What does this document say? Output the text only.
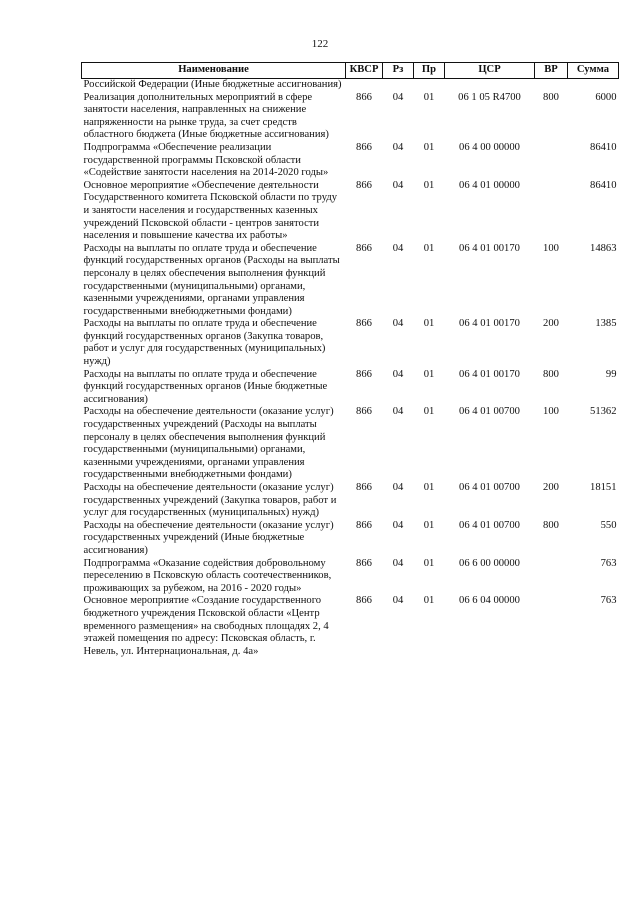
122
Наименование	КВСР	Рз	Пр	ЦСР	ВР	Сумма
Российской Федерации (Иные бюджетные ассигнования)						
Реализация дополнительных мероприятий в сфере занятости населения, направленных на снижение напряженности на рынке труда, за счет средств областного бюджета (Иные бюджетные ассигнования)	866	04	01	06 1 05 R4700	800	6000
Подпрограмма «Обеспечение реализации государственной программы Псковской области «Содействие занятости населения на 2014-2020 годы»	866	04	01	06 4 00 00000		86410
Основное мероприятие «Обеспечение деятельности Государственного комитета Псковской области по труду и занятости населения и государственных казенных учреждений Псковской области - центров занятости населения и повышение качества их работы»	866	04	01	06 4 01 00000		86410
Расходы на выплаты по оплате труда и обеспечение функций государственных органов (Расходы на выплаты персоналу в целях обеспечения выполнения функций государственными (муниципальными) органами, казенными учреждениями, органами управления государственными внебюджетными фондами)	866	04	01	06 4 01 00170	100	14863
Расходы на выплаты по оплате труда и обеспечение функций государственных органов (Закупка товаров, работ и услуг для государственных (муниципальных) нужд)	866	04	01	06 4 01 00170	200	1385
Расходы на выплаты по оплате труда и обеспечение функций государственных органов (Иные бюджетные ассигнования)	866	04	01	06 4 01 00170	800	99
Расходы на обеспечение деятельности (оказание услуг) государственных учреждений (Расходы на выплаты персоналу в целях обеспечения выполнения функций государственными (муниципальными) органами, казенными учреждениями, органами управления государственными внебюджетными фондами)	866	04	01	06 4 01 00700	100	51362
Расходы на обеспечение деятельности (оказание услуг) государственных учреждений (Закупка товаров, работ и услуг для государственных (муниципальных) нужд)	866	04	01	06 4 01 00700	200	18151
Расходы на обеспечение деятельности (оказание услуг) государственных учреждений (Иные бюджетные ассигнования)	866	04	01	06 4 01 00700	800	550
Подпрограмма «Оказание содействия добровольному переселению в Псковскую область соотечественников, проживающих за рубежом, на 2016 - 2020 годы»	866	04	01	06 6 00 00000		763
Основное мероприятие «Создание государственного бюджетного учреждения Псковской области «Центр временного размещения» на свободных площадях 2, 4 этажей помещения по адресу: Псковская область, г. Невель, ул. Интернациональная, д. 4а»	866	04	01	06 6 04 00000		763
